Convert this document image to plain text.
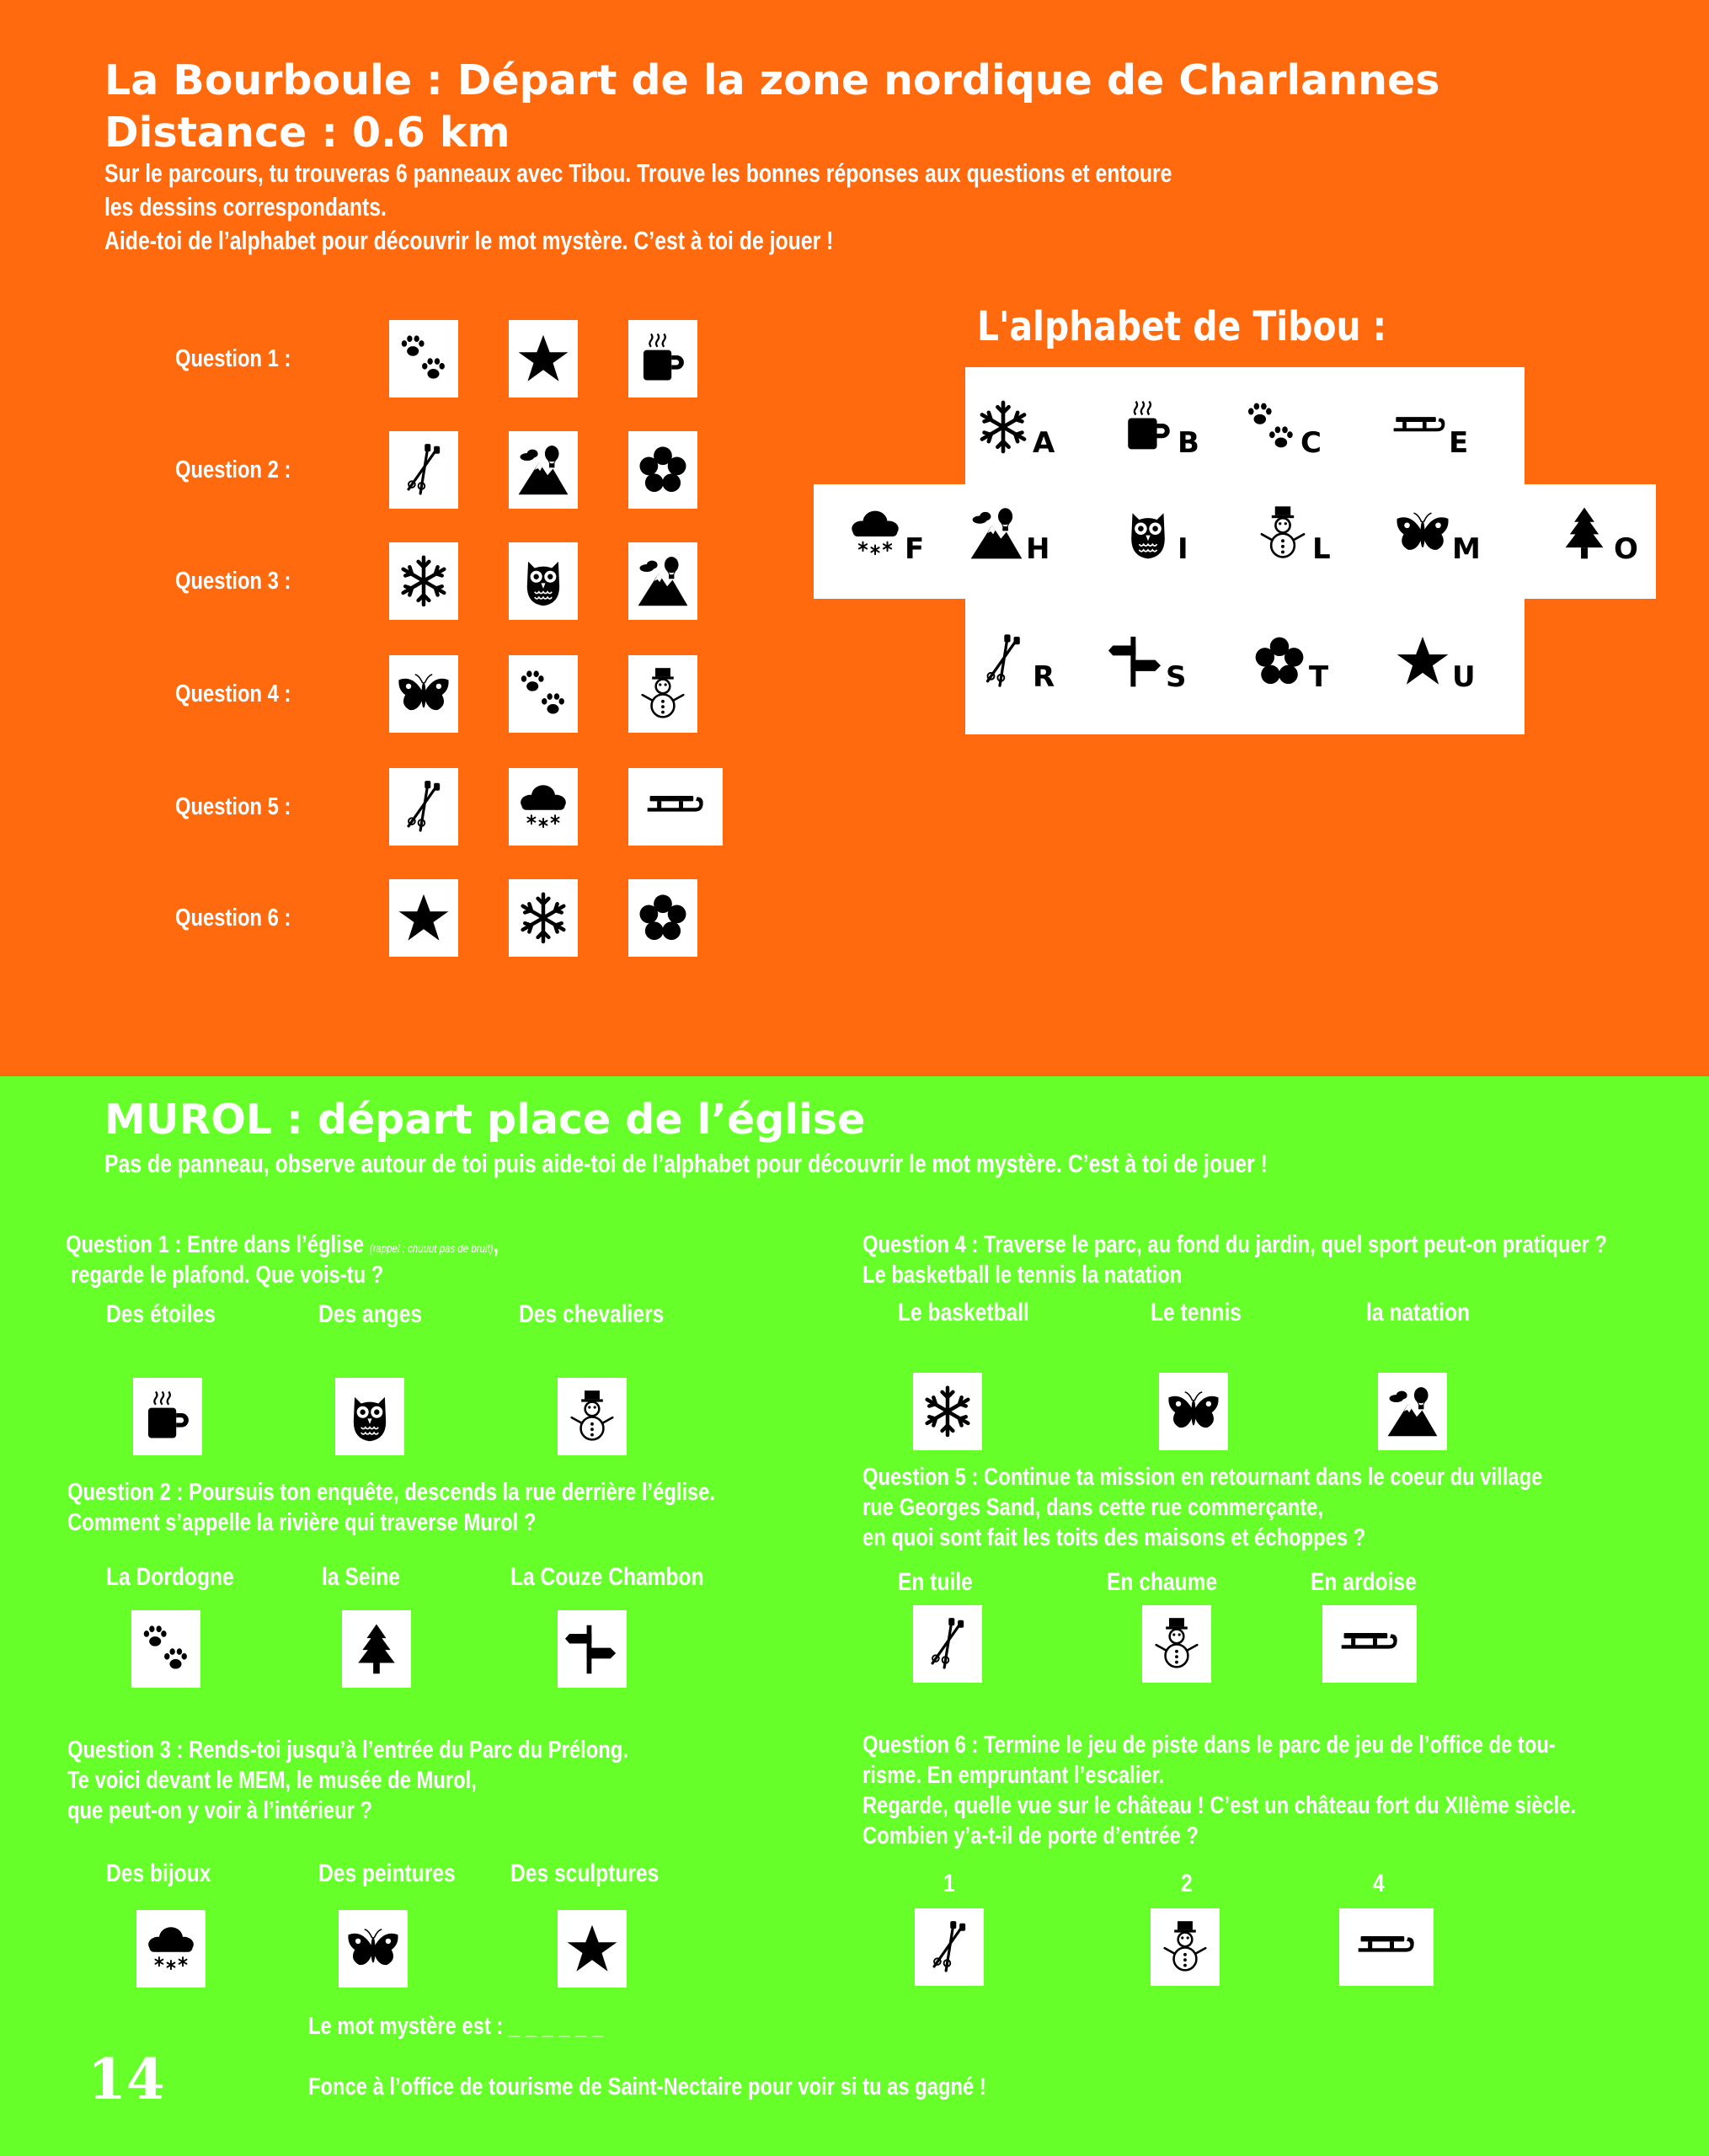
La Bourboule : Départ de la zone nordique de Charlannes
Distance : 0.6 km
Sur le parcours, tu trouveras 6 panneaux avec Tibou. Trouve les bonnes réponses aux questions et entoure
les dessins correspondants.
Aide-toi de l’alphabet pour découvrir le mot mystère. C’est à toi de jouer !
Question 1 :
Question 2 :
Question 3 :
Question 4 :
Question 5 :
Question 6 :
L'alphabet de Tibou :
A	B	C	E
F	H	I	L	M	O
R	S	T	U
MUROL : départ place de l’église
Pas de panneau, observe autour de toi puis aide-toi de l’alphabet pour découvrir le mot mystère. C’est à toi de jouer !
Question 1 : Entre dans l’église (rappel : chuuut pas de bruit),
regarde le plafond. Que vois-tu ?
Question 2 : Poursuis ton enquête, descends la rue derrière l’église.
Comment s’appelle la rivière qui traverse Murol ?
Question 3 : Rends-toi jusqu’à l’entrée du Parc du Prélong.
Te voici devant le MEM, le musée de Murol,
que peut-on y voir à l’intérieur ?
Question 4 : Traverse le parc, au fond du jardin, quel sport peut-on pratiquer ?
Le basketball le tennis la natation
Question 5 : Continue ta mission en retournant dans le coeur du village
rue Georges Sand, dans cette rue commerçante,
en quoi sont fait les toits des maisons et échoppes ?
Question 6 : Termine le jeu de piste dans le parc de jeu de l’office de tou-
risme. En empruntant l’escalier.
Regarde, quelle vue sur le château ! C’est un château fort du XIIème siècle.
Combien y’a-t-il de porte d’entrée ?
Des étoiles	Des anges	Des chevaliers
La Dordogne	la Seine	La Couze Chambon
Des bijoux	Des peintures Des sculptures
Le basketball	Le tennis	la natation
En tuile	En chaume	En ardoise
1	2	4
Le mot mystère est : _ _ _ _ _ _
14	Fonce à l’office de tourisme de Saint-Nectaire pour voir si tu as gagné !
